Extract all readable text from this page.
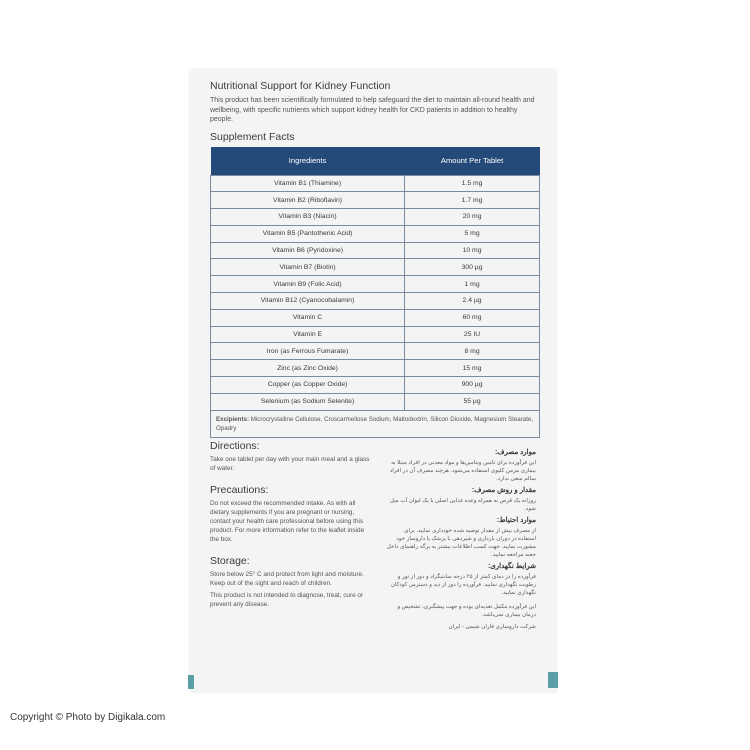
Nutritional Support for Kidney Function

This product has been scientifically formulated to help safeguard the diet to maintain all-round health and wellbeing, with specific nutrients which support kidney health for CKD patients in addition to healthy people.

Supplement Facts
Ingredients	Amount Per Tablet
Vitamin B1 (Thiamine)	1.5 mg
Vitamin B2 (Riboflavin)	1.7 mg
Vitamin B3 (Niacin)	20 mg
Vitamin B5 (Pantothenic Acid)	5 mg
Vitamin B6 (Pyridoxine)	10 mg
Vitamin B7 (Biotin)	300 µg
Vitamin B9 (Folic Acid)	1 mg
Vitamin B12 (Cyanocobalamin)	2.4 µg
Vitamin C	60 mg
Vitamin E	25 IU
Iron (as Ferrous Fumarate)	8 mg
Zinc (as Zinc Oxide)	15 mg
Copper (as Copper Oxide)	900 µg
Selenium (as Sodium Selenite)	55 µg
Excipients: Microcrystalline Cellulose, Croscarmellose Sodium, Maltodextrin, Silicon Dioxide, Magnesium Stearate, Opadry
Directions:

Take one tablet per day with your main meal and a glass of water.

Precautions:

Do not exceed the recommended intake. As with all dietary supplements if you are pregnant or nursing, contact your health care professional before using this product. For more information refer to the leaflet inside the box.

Storage:

Store below 25° C and protect from light and moisture.

Keep out of the sight and reach of children.

This product is not intended to diagnose, treat, cure or prevent any disease.

موارد مصرف:

این فرآورده برای تامین ویتامین‌ها و مواد معدنی در افراد مبتلا به بیماری مزمن کلیوی استفاده می‌شود. هرچند مصرف آن در افراد سالم منعی ندارد.

مقدار و روش مصرف:

روزانه یک قرص به همراه وعده غذایی اصلی با یک لیوان آب میل شود.

موارد احتیاط:

از مصرف بیش از مقدار توصیه شده خودداری نمایید. برای استفاده در دوران بارداری و شیردهی با پزشک یا داروساز خود مشورت نمایید. جهت کسب اطلاعات بیشتر به برگه راهنمای داخل جعبه مراجعه نمایید.

شرایط نگهداری:

فرآورده را در دمای کمتر از ۲۵ درجه سانتیگراد و دور از نور و رطوبت نگهداری نمایید. فرآورده را دور از دید و دسترس کودکان نگهداری نمایید.

این فرآورده مکمل تغذیه‌ای بوده و جهت پیشگیری، تشخیص و درمان بیماری نمی‌باشد.

شرکت داروسازی فاران شیمی - ایران

Copyright © Photo by Digikala.com
